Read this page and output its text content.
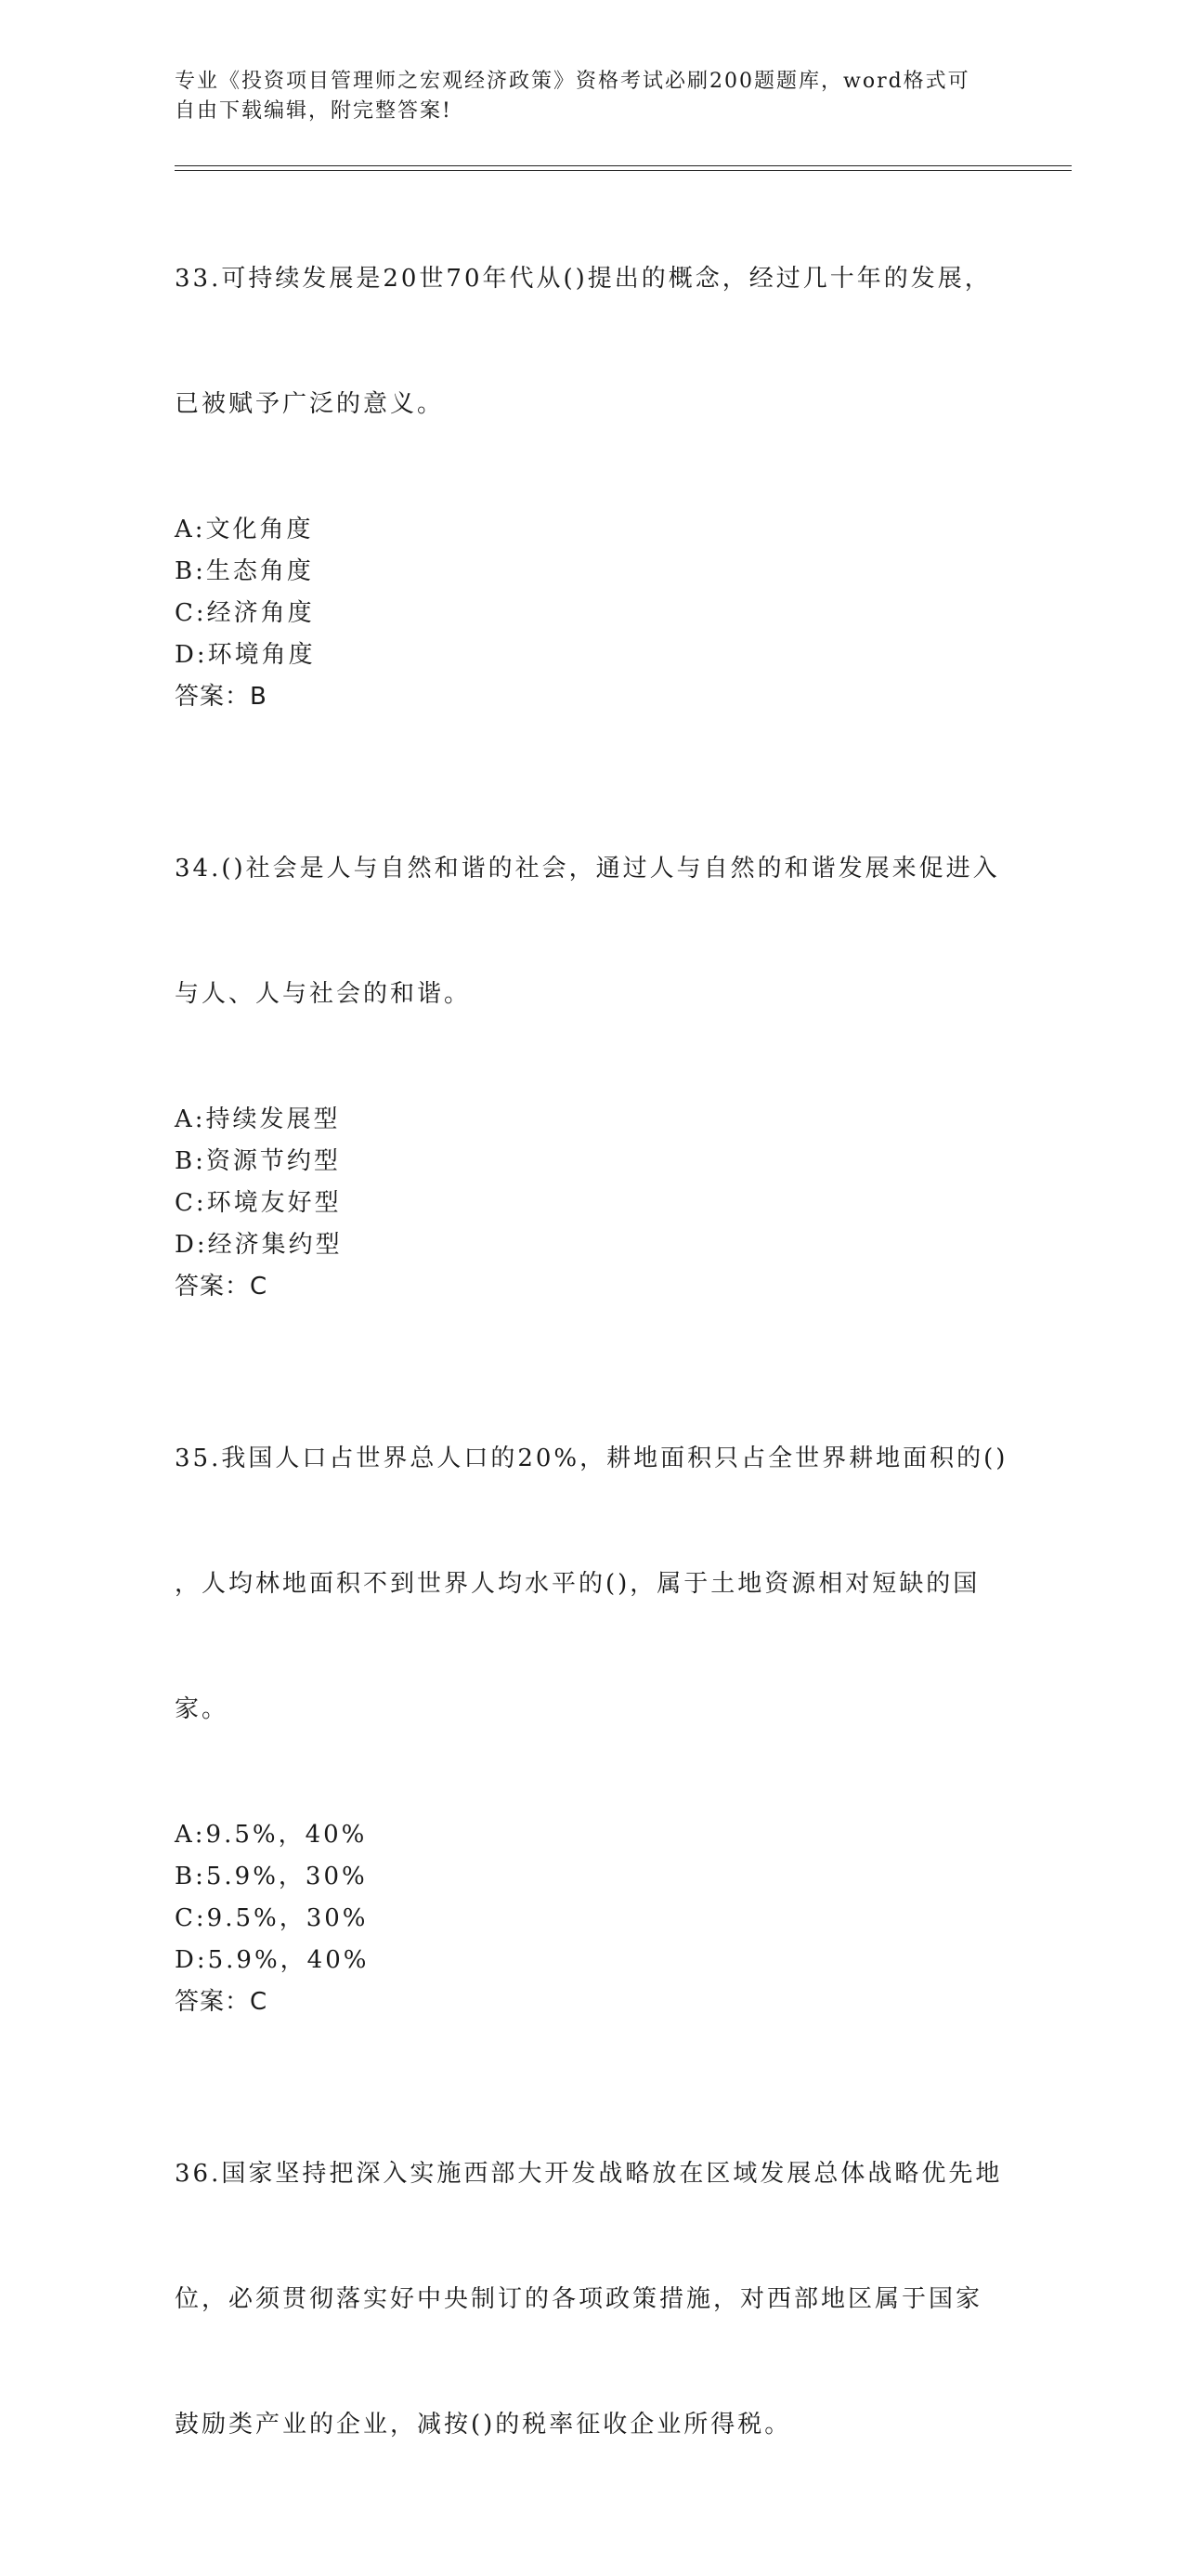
专业《投资项目管理师之宏观经济政策》资格考试必刷200题题库，word格式可
自由下载编辑，附完整答案!

33.可持续发展是20世70年代从()提出的概念，经过几十年的发展，

已被赋予广泛的意义。

A:文化角度
B:生态角度
C:经济角度
D:环境角度
答案：B

34.()社会是人与自然和谐的社会，通过人与自然的和谐发展来促进入

与人、人与社会的和谐。

A:持续发展型
B:资源节约型
C:环境友好型
D:经济集约型
答案：C

35.我国人口占世界总人口的20%，耕地面积只占全世界耕地面积的()

，人均林地面积不到世界人均水平的()，属于土地资源相对短缺的国

家。

A:9.5%，40%
B:5.9%，30%
C:9.5%，30%
D:5.9%，40%
答案：C

36.国家坚持把深入实施西部大开发战略放在区域发展总体战略优先地

位，必须贯彻落实好中央制订的各项政策措施，对西部地区属于国家

鼓励类产业的企业，减按()的税率征收企业所得税。
